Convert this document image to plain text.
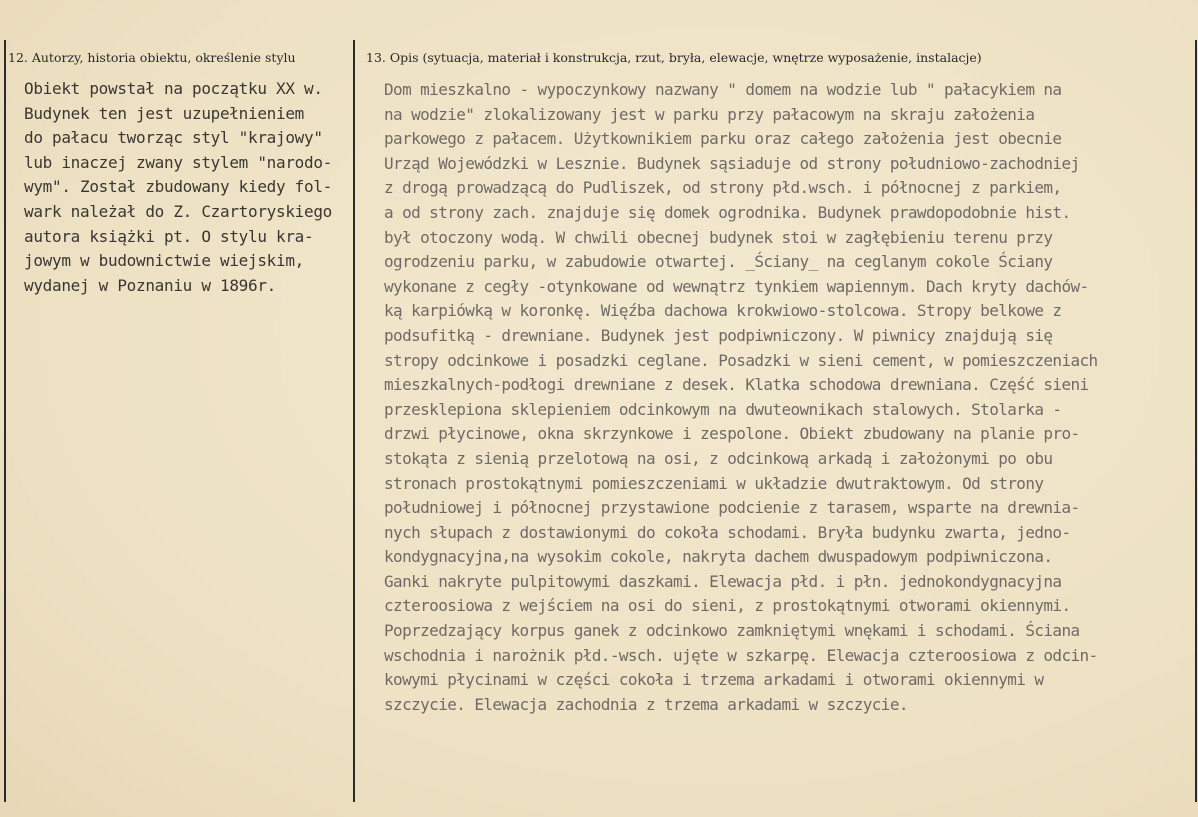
12. Autorzy, historia obiektu, określenie stylu	13. Opis (sytuacja, materiał i konstrukcja, rzut, bryła, elewacje, wnętrze wyposażenie, instalacje)
Obiekt powstał na początku XX w.
Budynek ten jest uzupełnieniem
do pałacu tworząc styl "krajowy"
lub inaczej zwany stylem "narodo-
wym". Został zbudowany kiedy fol-
wark należał do Z. Czartoryskiego
autora książki pt. O stylu kra-
jowym w budownictwie wiejskim,
wydanej w Poznaniu w 1896r.
Dom mieszkalno - wypoczynkowy nazwany " domem na wodzie lub " pałacykiem na
na wodzie" zlokalizowany jest w parku przy pałacowym na skraju założenia
parkowego z pałacem. Użytkownikiem parku oraz całego założenia jest obecnie
Urząd Wojewódzki w Lesznie. Budynek sąsiaduje od strony południowo-zachodniej
z drogą prowadzącą do Pudliszek, od strony płd.wsch. i północnej z parkiem,
a od strony zach. znajduje się domek ogrodnika. Budynek prawdopodobnie hist.
był otoczony wodą. W chwili obecnej budynek stoi w zagłębieniu terenu przy
ogrodzeniu parku, w zabudowie otwartej. _Ściany_ na ceglanym cokole Ściany
wykonane z cegły -otynkowane od wewnątrz tynkiem wapiennym. Dach kryty dachów-
ką karpiówką w koronkę. Więźba dachowa krokwiowo-stolcowa. Stropy belkowe z
podsufitką - drewniane. Budynek jest podpiwniczony. W piwnicy znajdują się
stropy odcinkowe i posadzki ceglane. Posadzki w sieni cement, w pomieszczeniach
mieszkalnych-podłogi drewniane z desek. Klatka schodowa drewniana. Część sieni
przesklepiona sklepieniem odcinkowym na dwuteownikach stalowych. Stolarka -
drzwi płycinowe, okna skrzynkowe i zespolone. Obiekt zbudowany na planie pro-
stokąta z sienią przelotową na osi, z odcinkową arkadą i założonymi po obu
stronach prostokątnymi pomieszczeniami w układzie dwutraktowym. Od strony
południowej i północnej przystawione podcienie z tarasem, wsparte na drewnia-
nych słupach z dostawionymi do cokoła schodami. Bryła budynku zwarta, jedno-
kondygnacyjna,na wysokim cokole, nakryta dachem dwuspadowym podpiwniczona.
Ganki nakryte pulpitowymi daszkami. Elewacja płd. i płn. jednokondygnacyjna
czteroosiowa z wejściem na osi do sieni, z prostokątnymi otworami okiennymi.
Poprzedzający korpus ganek z odcinkowo zamkniętymi wnękami i schodami. Ściana
wschodnia i narożnik płd.-wsch. ujęte w szkarpę. Elewacja czteroosiowa z odcin-
kowymi płycinami w części cokoła i trzema arkadami i otworami okiennymi w
szczycie. Elewacja zachodnia z trzema arkadami w szczycie.
